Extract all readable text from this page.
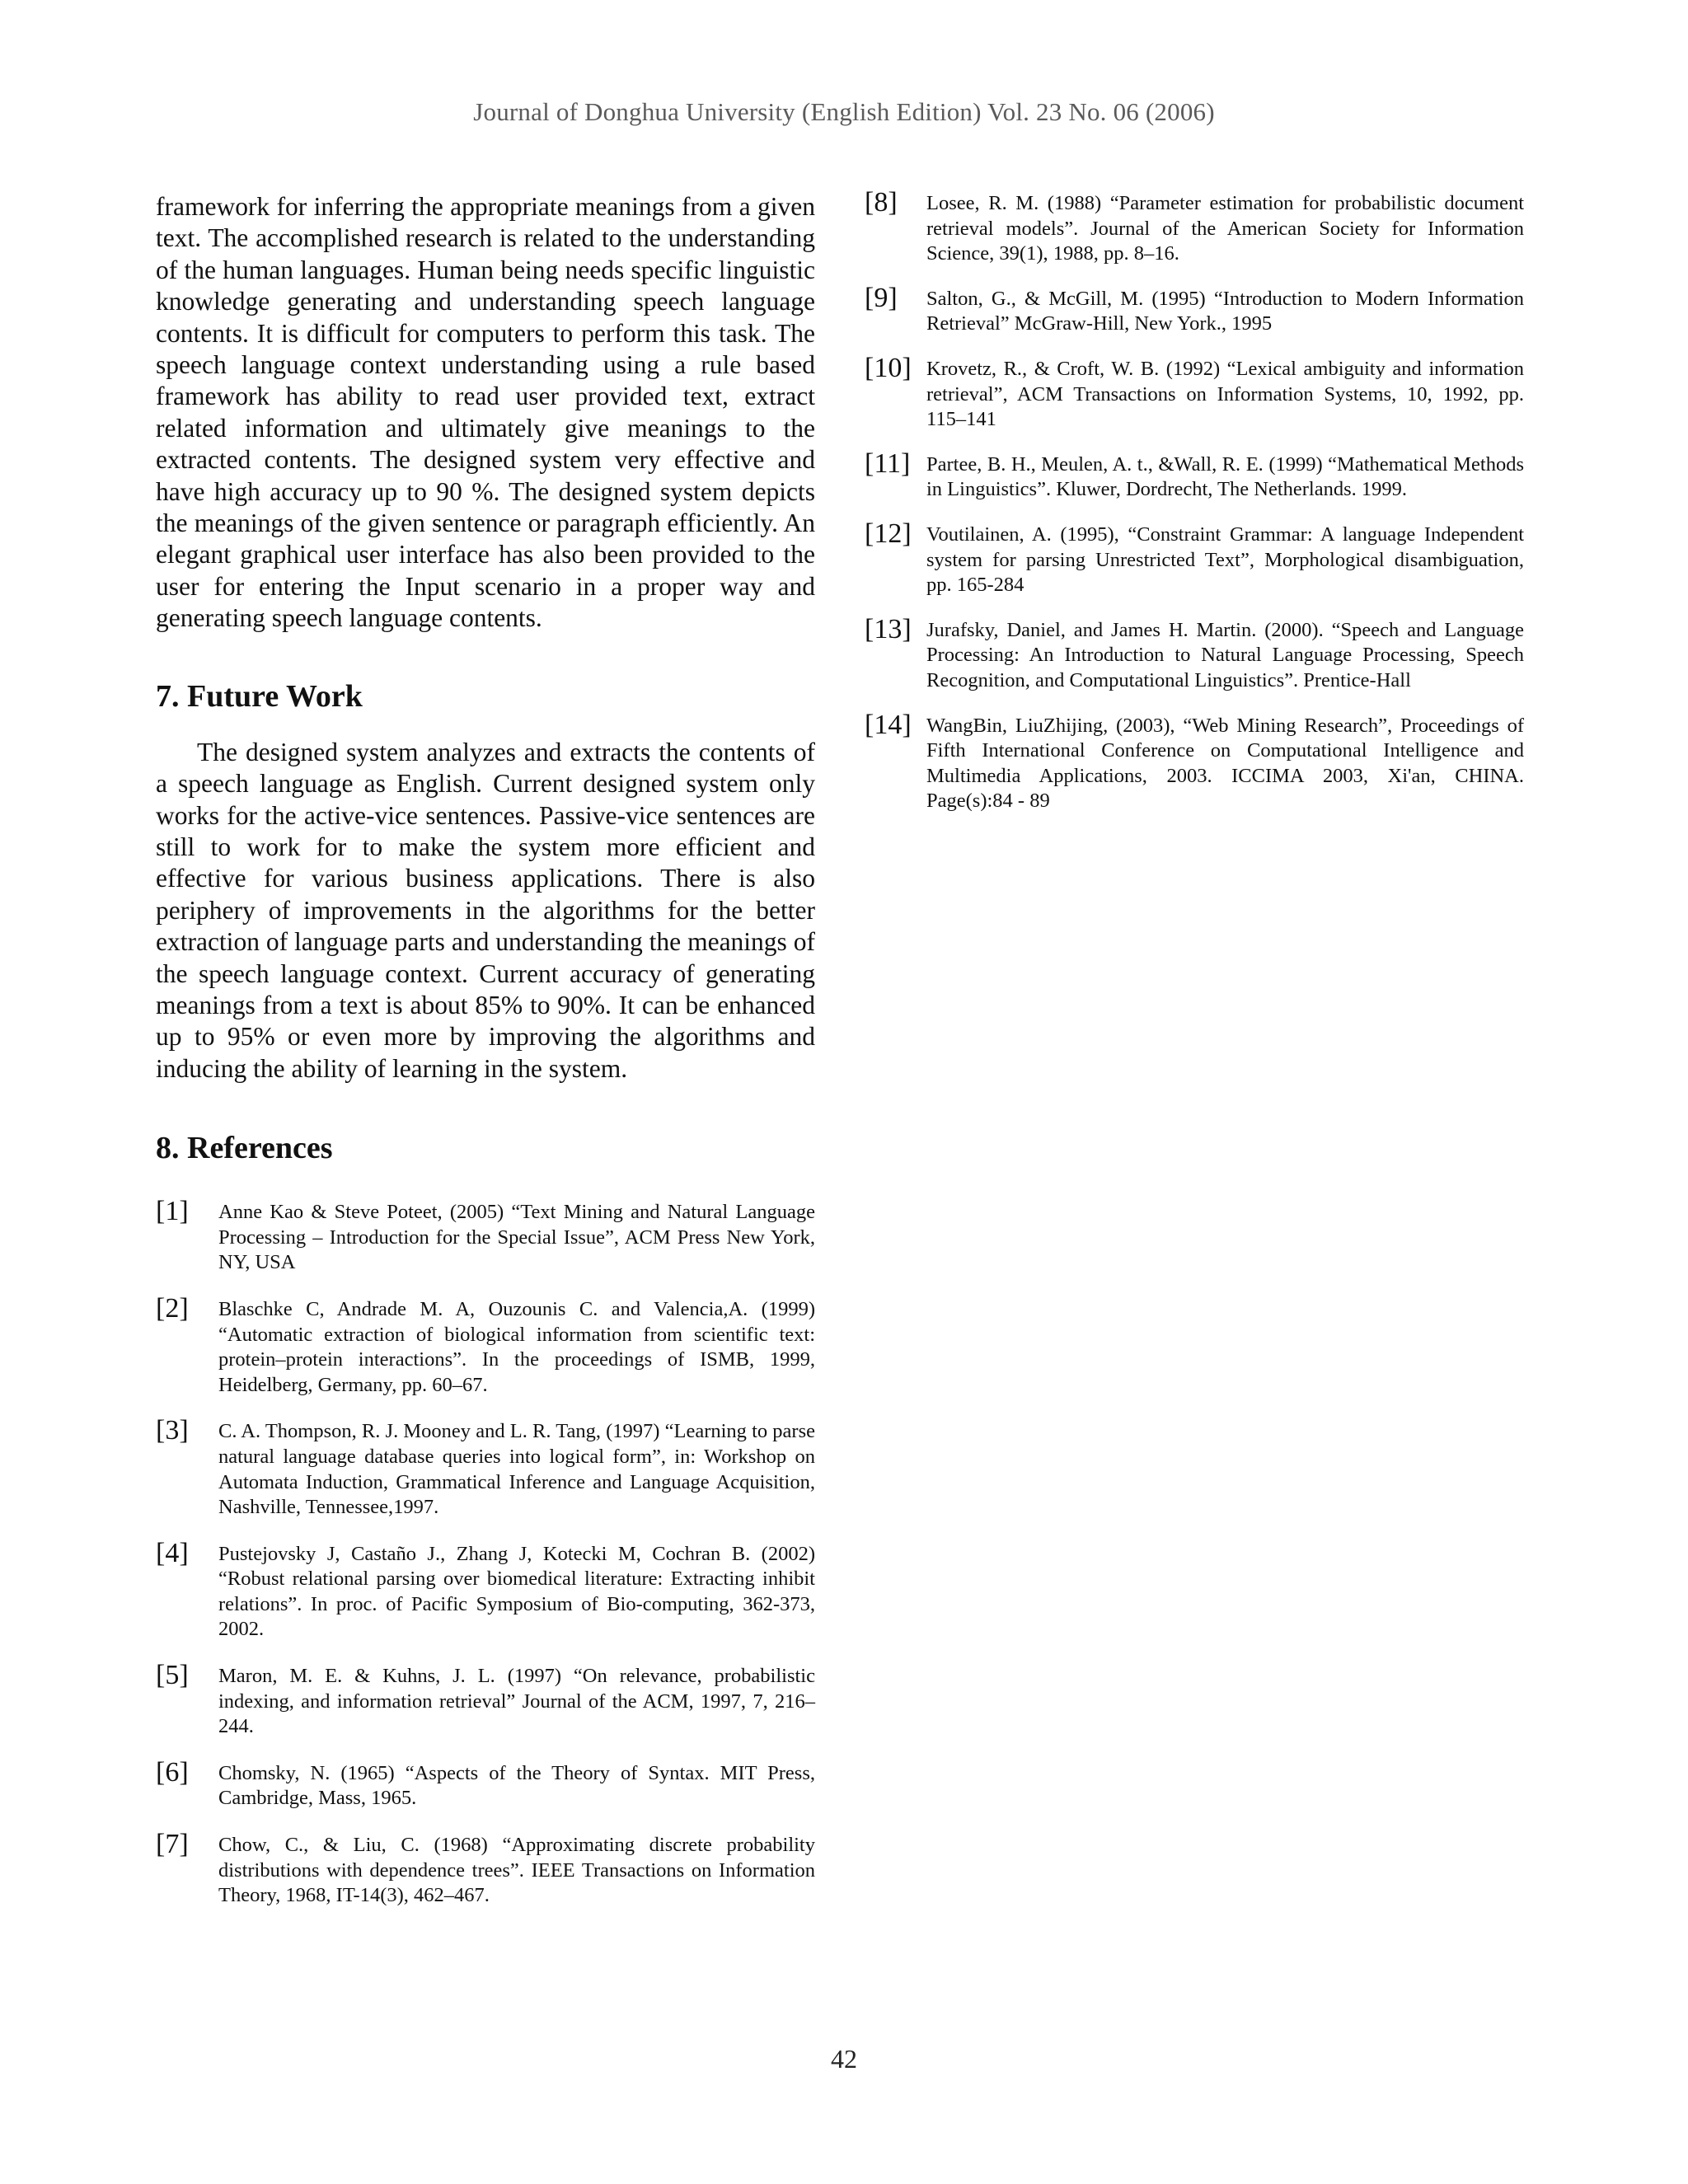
Journal of Donghua University (English Edition) Vol. 23 No. 06 (2006)

framework for inferring the appropriate meanings from a given text. The accomplished research is related to the understanding of the human languages. Human being needs specific linguistic knowledge generating and understanding speech language contents. It is difficult for computers to perform this task. The speech language context understanding using a rule based framework has ability to read user provided text, extract related information and ultimately give meanings to the extracted contents. The designed system very effective and have high accuracy up to 90 %. The designed system depicts the meanings of the given sentence or paragraph efficiently. An elegant graphical user interface has also been provided to the user for entering the Input scenario in a proper way and generating speech language contents.

7. Future Work

The designed system analyzes and extracts the contents of a speech language as English. Current designed system only works for the active-vice sentences. Passive-vice sentences are still to work for to make the system more efficient and effective for various business applications. There is also periphery of improvements in the algorithms for the better extraction of language parts and understanding the meanings of the speech language context. Current accuracy of generating meanings from a text is about 85% to 90%. It can be enhanced up to 95% or even more by improving the algorithms and inducing the ability of learning in the system.

8. References
[1]	Anne Kao & Steve Poteet, (2005) “Text Mining and Natural Language Processing – Introduction for the Special Issue”, ACM Press New York, NY, USA
[2]	Blaschke C, Andrade M. A, Ouzounis C. and Valencia,A. (1999) “Automatic extraction of biological information from scientific text: protein–protein interactions”. In the proceedings of ISMB, 1999, Heidelberg, Germany, pp. 60–67.
[3]	C. A. Thompson, R. J. Mooney and L. R. Tang, (1997) “Learning to parse natural language database queries into logical form”, in: Workshop on Automata Induction, Grammatical Inference and Language Acquisition, Nashville, Tennessee,1997.
[4]	Pustejovsky J, Castaño J., Zhang J, Kotecki M, Cochran B. (2002) “Robust relational parsing over biomedical literature: Extracting inhibit relations”. In proc. of Pacific Symposium of Bio-computing, 362-373, 2002.
[5]	Maron, M. E. & Kuhns, J. L. (1997) “On relevance, probabilistic indexing, and information retrieval” Journal of the ACM, 1997, 7, 216–244.
[6]	Chomsky, N. (1965) “Aspects of the Theory of Syntax. MIT Press, Cambridge, Mass, 1965.
[7]	Chow, C., & Liu, C. (1968) “Approximating discrete probability distributions with dependence trees”. IEEE Transactions on Information Theory, 1968, IT-14(3), 462–467.
[8]	Losee, R. M. (1988) “Parameter estimation for probabilistic document retrieval models”. Journal of the American Society for Information Science, 39(1), 1988, pp. 8–16.
[9]	Salton, G., & McGill, M. (1995) “Introduction to Modern Information Retrieval” McGraw-Hill, New York., 1995
[10] Krovetz, R., & Croft, W. B. (1992) “Lexical ambiguity and information retrieval”, ACM Transactions on Information Systems, 10, 1992, pp. 115–141
[11] Partee, B. H., Meulen, A. t., &Wall, R. E. (1999) “Mathematical Methods in Linguistics”. Kluwer, Dordrecht, The Netherlands. 1999.
[12] Voutilainen, A. (1995), “Constraint Grammar: A language Independent system for parsing Unrestricted Text”, Morphological disambiguation, pp. 165-284
[13] Jurafsky, Daniel, and James H. Martin. (2000). “Speech and Language Processing: An Introduction to Natural Language Processing, Speech Recognition, and Computational Linguistics”. Prentice-Hall
[14] WangBin, LiuZhijing, (2003), “Web Mining Research”, Proceedings of Fifth International Conference on Computational Intelligence and Multimedia Applications, 2003. ICCIMA 2003, Xi'an, CHINA. Page(s):84 - 89
42
